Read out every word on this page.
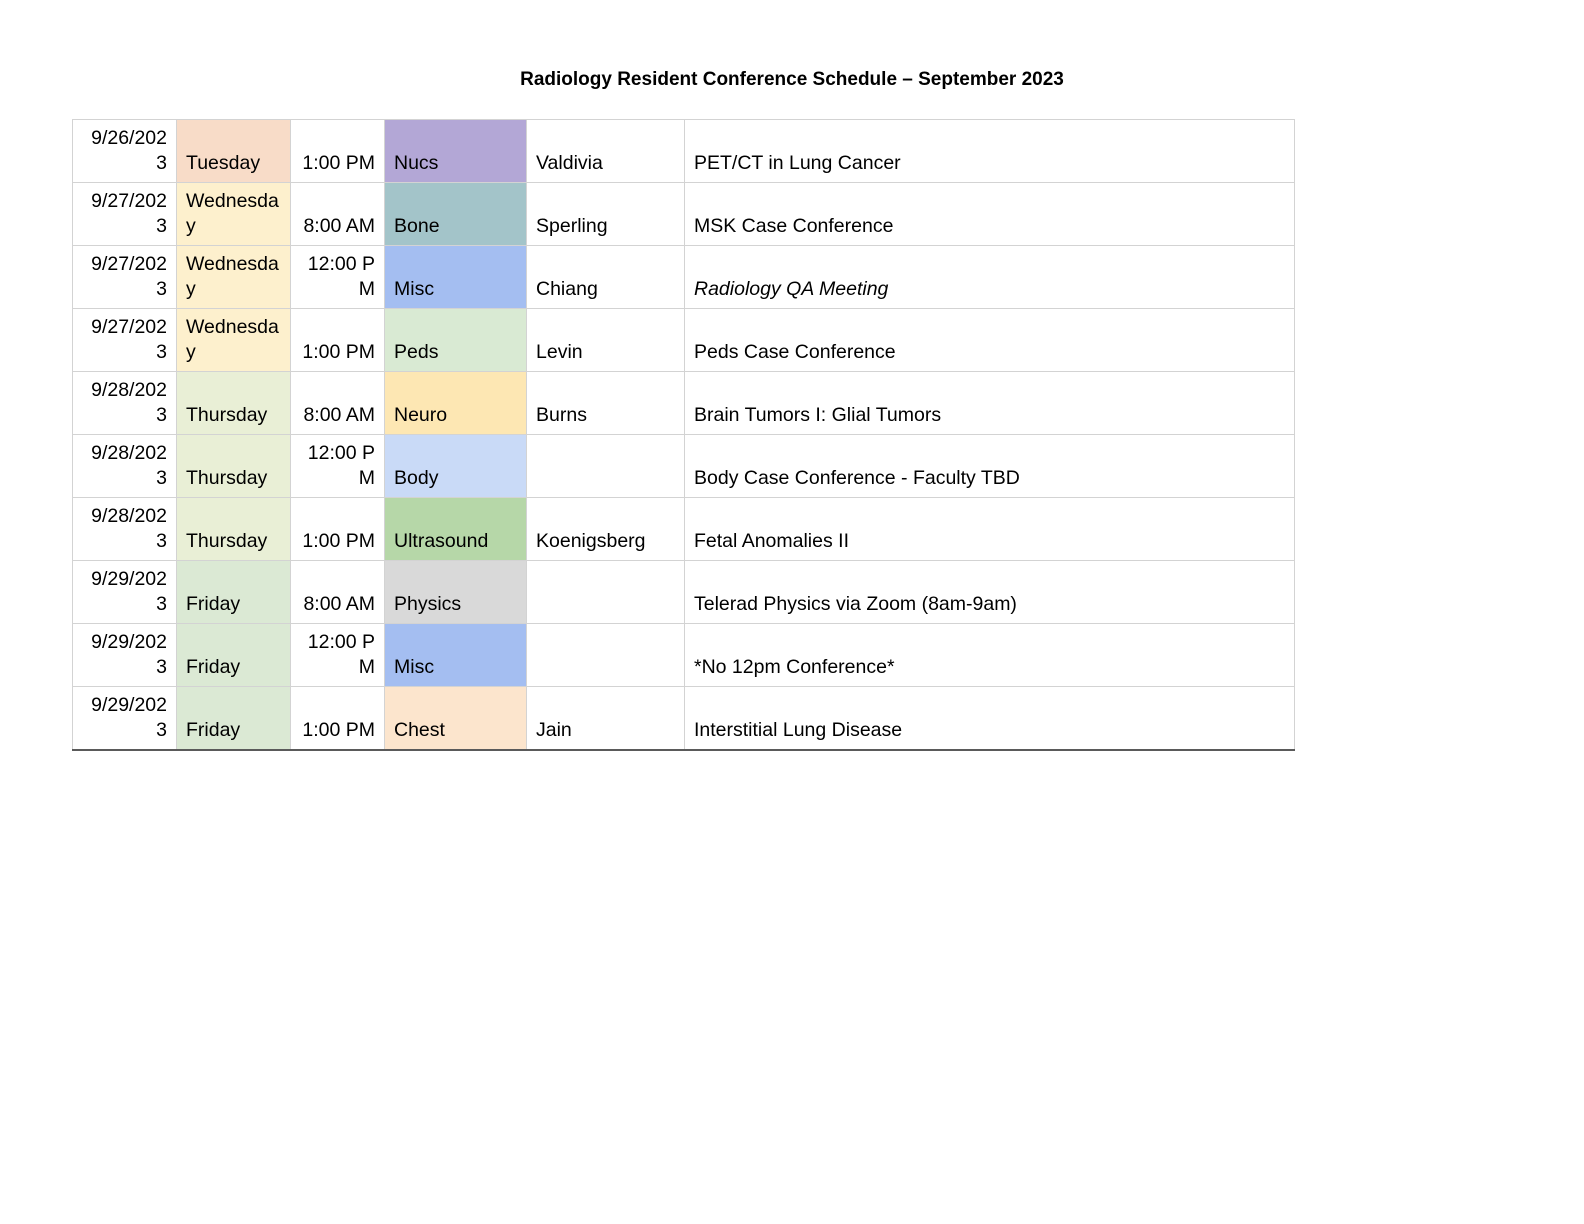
Radiology Resident Conference Schedule – September 2023
9/26/2023	Tuesday	1:00 PM	Nucs	Valdivia	PET/CT in Lung Cancer
9/27/2023	Wednesday	8:00 AM	Bone	Sperling	MSK Case Conference
9/27/2023	Wednesday	12:00 PM	Misc	Chiang	Radiology QA Meeting
9/27/2023	Wednesday	1:00 PM	Peds	Levin	Peds Case Conference
9/28/2023	Thursday	8:00 AM	Neuro	Burns	Brain Tumors I: Glial Tumors
9/28/2023	Thursday	12:00 PM	Body		Body Case Conference - Faculty TBD
9/28/2023	Thursday	1:00 PM	Ultrasound	Koenigsberg	Fetal Anomalies II
9/29/2023	Friday	8:00 AM	Physics		Telerad Physics via Zoom (8am-9am)
9/29/2023	Friday	12:00 PM	Misc		*No 12pm Conference*
9/29/2023	Friday	1:00 PM	Chest	Jain	Interstitial Lung Disease
